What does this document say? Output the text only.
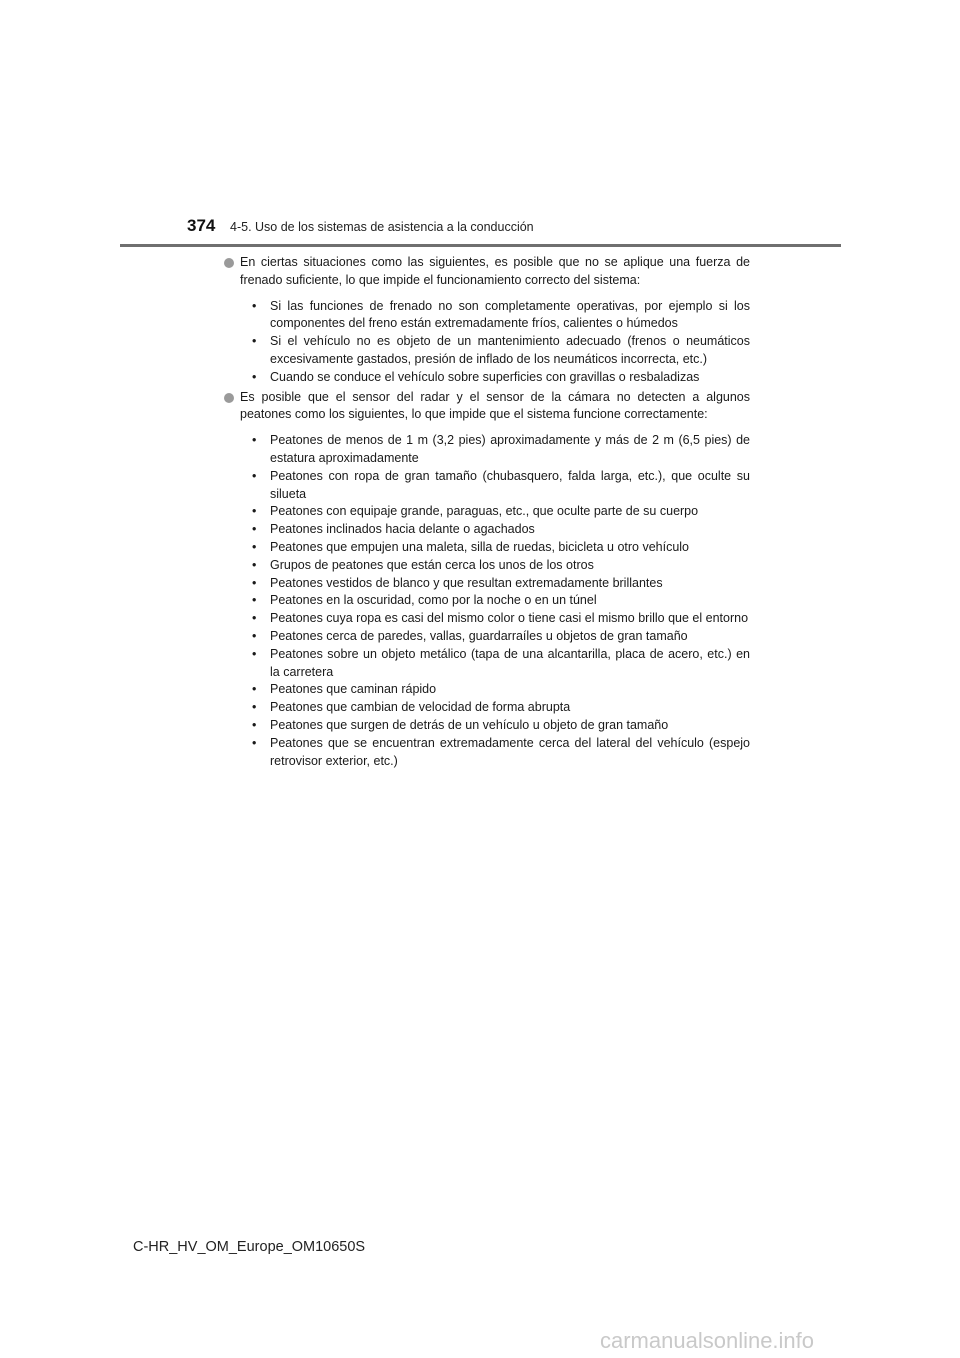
374 4-5. Uso de los sistemas de asistencia a la conducción
En ciertas situaciones como las siguientes, es posible que no se aplique una fuerza de frenado suficiente, lo que impide el funcionamiento correcto del sistema:
• Si las funciones de frenado no son completamente operativas, por ejemplo si los componentes del freno están extremadamente fríos, calientes o húmedos
• Si el vehículo no es objeto de un mantenimiento adecuado (frenos o neumáticos excesivamente gastados, presión de inflado de los neumáticos incorrecta, etc.)
• Cuando se conduce el vehículo sobre superficies con gravillas o resbaladizas
Es posible que el sensor del radar y el sensor de la cámara no detecten a algunos peatones como los siguientes, lo que impide que el sistema funcione correctamente:
• Peatones de menos de 1 m (3,2 pies) aproximadamente y más de 2 m (6,5 pies) de estatura aproximadamente
• Peatones con ropa de gran tamaño (chubasquero, falda larga, etc.), que oculte su silueta
• Peatones con equipaje grande, paraguas, etc., que oculte parte de su cuerpo
• Peatones inclinados hacia delante o agachados
• Peatones que empujen una maleta, silla de ruedas, bicicleta u otro vehículo
• Grupos de peatones que están cerca los unos de los otros
• Peatones vestidos de blanco y que resultan extremadamente brillantes
• Peatones en la oscuridad, como por la noche o en un túnel
• Peatones cuya ropa es casi del mismo color o tiene casi el mismo brillo que el entorno
• Peatones cerca de paredes, vallas, guardarraíles u objetos de gran tamaño
• Peatones sobre un objeto metálico (tapa de una alcantarilla, placa de acero, etc.) en la carretera
• Peatones que caminan rápido
• Peatones que cambian de velocidad de forma abrupta
• Peatones que surgen de detrás de un vehículo u objeto de gran tamaño
• Peatones que se encuentran extremadamente cerca del lateral del vehículo (espejo retrovisor exterior, etc.)
C-HR_HV_OM_Europe_OM10650S
carmanualsonline.info
